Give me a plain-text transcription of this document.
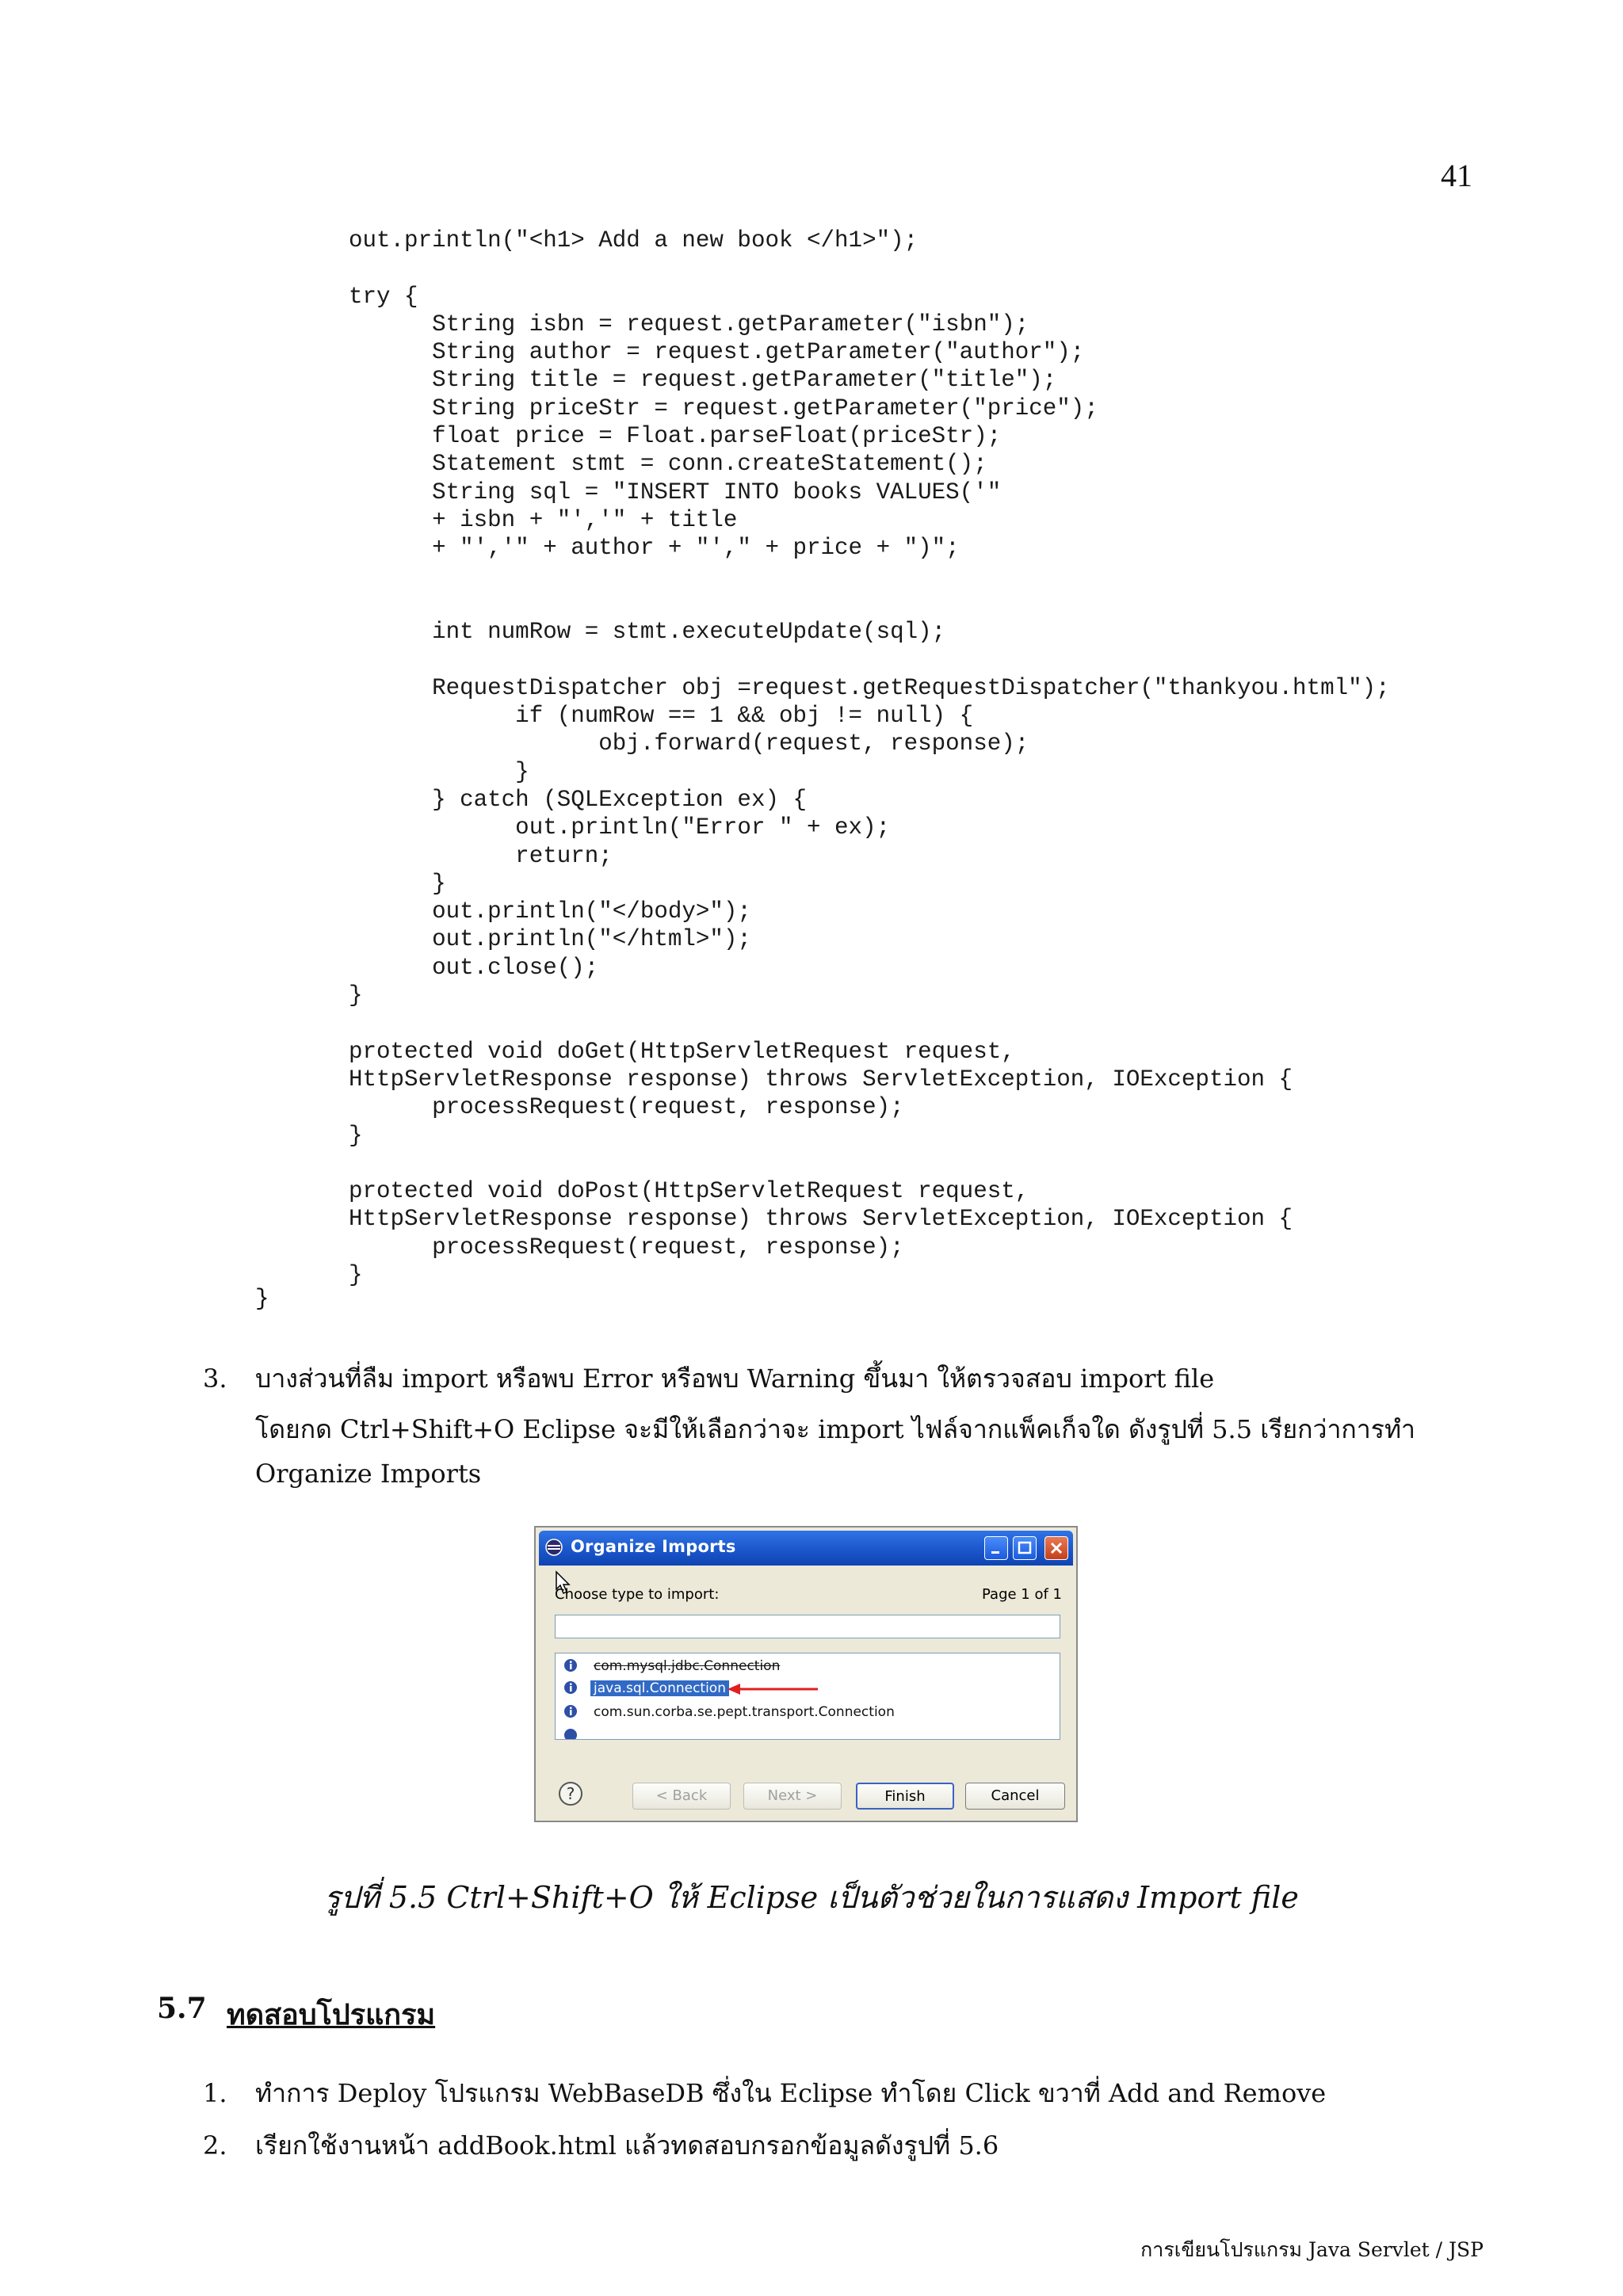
41
out.println("<h1> Add a new book </h1>");

try {
String isbn = request.getParameter("isbn");
String author = request.getParameter("author");
String title = request.getParameter("title");
String priceStr = request.getParameter("price");
float price = Float.parseFloat(priceStr);
Statement stmt = conn.createStatement();
String sql = "INSERT INTO books VALUES('"
+ isbn + "','" + title
+ "','" + author + "'," + price + ")";

int numRow = stmt.executeUpdate(sql);

RequestDispatcher obj =request.getRequestDispatcher("thankyou.html");
if (numRow == 1 && obj != null) {
obj.forward(request, response);
}
} catch (SQLException ex) {
out.println("Error " + ex);
return;
}
out.println("</body>");
out.println("</html>");
out.close();
}

protected void doGet(HttpServletRequest request,
HttpServletResponse response) throws ServletException, IOException {
processRequest(request, response);
}

protected void doPost(HttpServletRequest request,
HttpServletResponse response) throws ServletException, IOException {
processRequest(request, response);
}

}
3. บางส่วนที่ลืม import หรือพบ Error หรือพบ Warning ขึ้นมา ให้ตรวจสอบ import file
โดยกด Ctrl+Shift+O Eclipse จะมีให้เลือกว่าจะ import ไฟล์จากแพ็คเก็จใด ดังรูปที่ 5.5 เรียกว่าการทำ
Organize Imports
Organize Imports
Choose type to import:	Page 1 of 1
com.mysql.jdbc.Connection
java.sql.Connection
com.sun.corba.se.pept.transport.Connection
?	< Back	Next >	Finish	Cancel
รูปที่ 5.5 Ctrl+Shift+O ให้ Eclipse เป็นตัวช่วยในการแสดง Import file
5.7 ทดสอบโปรแกรม
1. ทำการ Deploy โปรแกรม WebBaseDB ซึ่งใน Eclipse ทำโดย Click ขวาที่ Add and Remove
2. เรียกใช้งานหน้า addBook.html แล้วทดสอบกรอกข้อมูลดังรูปที่ 5.6
การเขียนโปรแกรม Java Servlet / JSP
